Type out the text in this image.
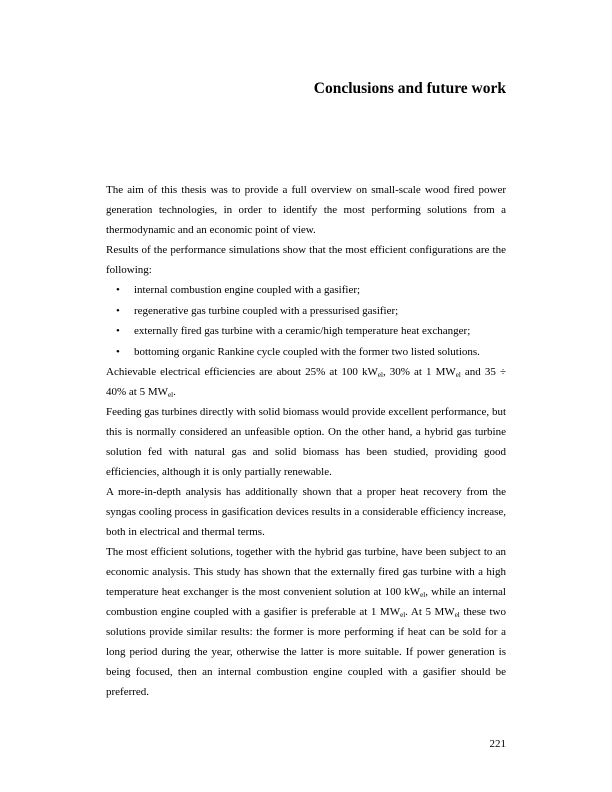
Conclusions and future work

The aim of this thesis was to provide a full overview on small-scale wood fired power generation technologies, in order to identify the most performing solutions from a thermodynamic and an economic point of view.

Results of the performance simulations show that the most efficient configurations are the following:

• internal combustion engine coupled with a gasifier;
• regenerative gas turbine coupled with a pressurised gasifier;
• externally fired gas turbine with a ceramic/high temperature heat exchanger;
• bottoming organic Rankine cycle coupled with the former two listed solutions.

Achievable electrical efficiencies are about 25% at 100 $kW_{el}$, 30% at 1 $MW_{el}$ and 35 ÷ 40% at 5 $MW_{el}$.

Feeding gas turbines directly with solid biomass would provide excellent performance, but this is normally considered an unfeasible option. On the other hand, a hybrid gas turbine solution fed with natural gas and solid biomass has been studied, providing good efficiencies, although it is only partially renewable.

A more-in-depth analysis has additionally shown that a proper heat recovery from the syngas cooling process in gasification devices results in a considerable efficiency increase, both in electrical and thermal terms.

The most efficient solutions, together with the hybrid gas turbine, have been subject to an economic analysis. This study has shown that the externally fired gas turbine with a high temperature heat exchanger is the most convenient solution at 100 $kW_{el}$, while an internal combustion engine coupled with a gasifier is preferable at 1 $MW_{el}$. At 5 $MW_{el}$ these two solutions provide similar results: the former is more performing if heat can be sold for a long period during the year, otherwise the latter is more suitable. If power generation is being focused, then an internal combustion engine coupled with a gasifier should be preferred.

221
